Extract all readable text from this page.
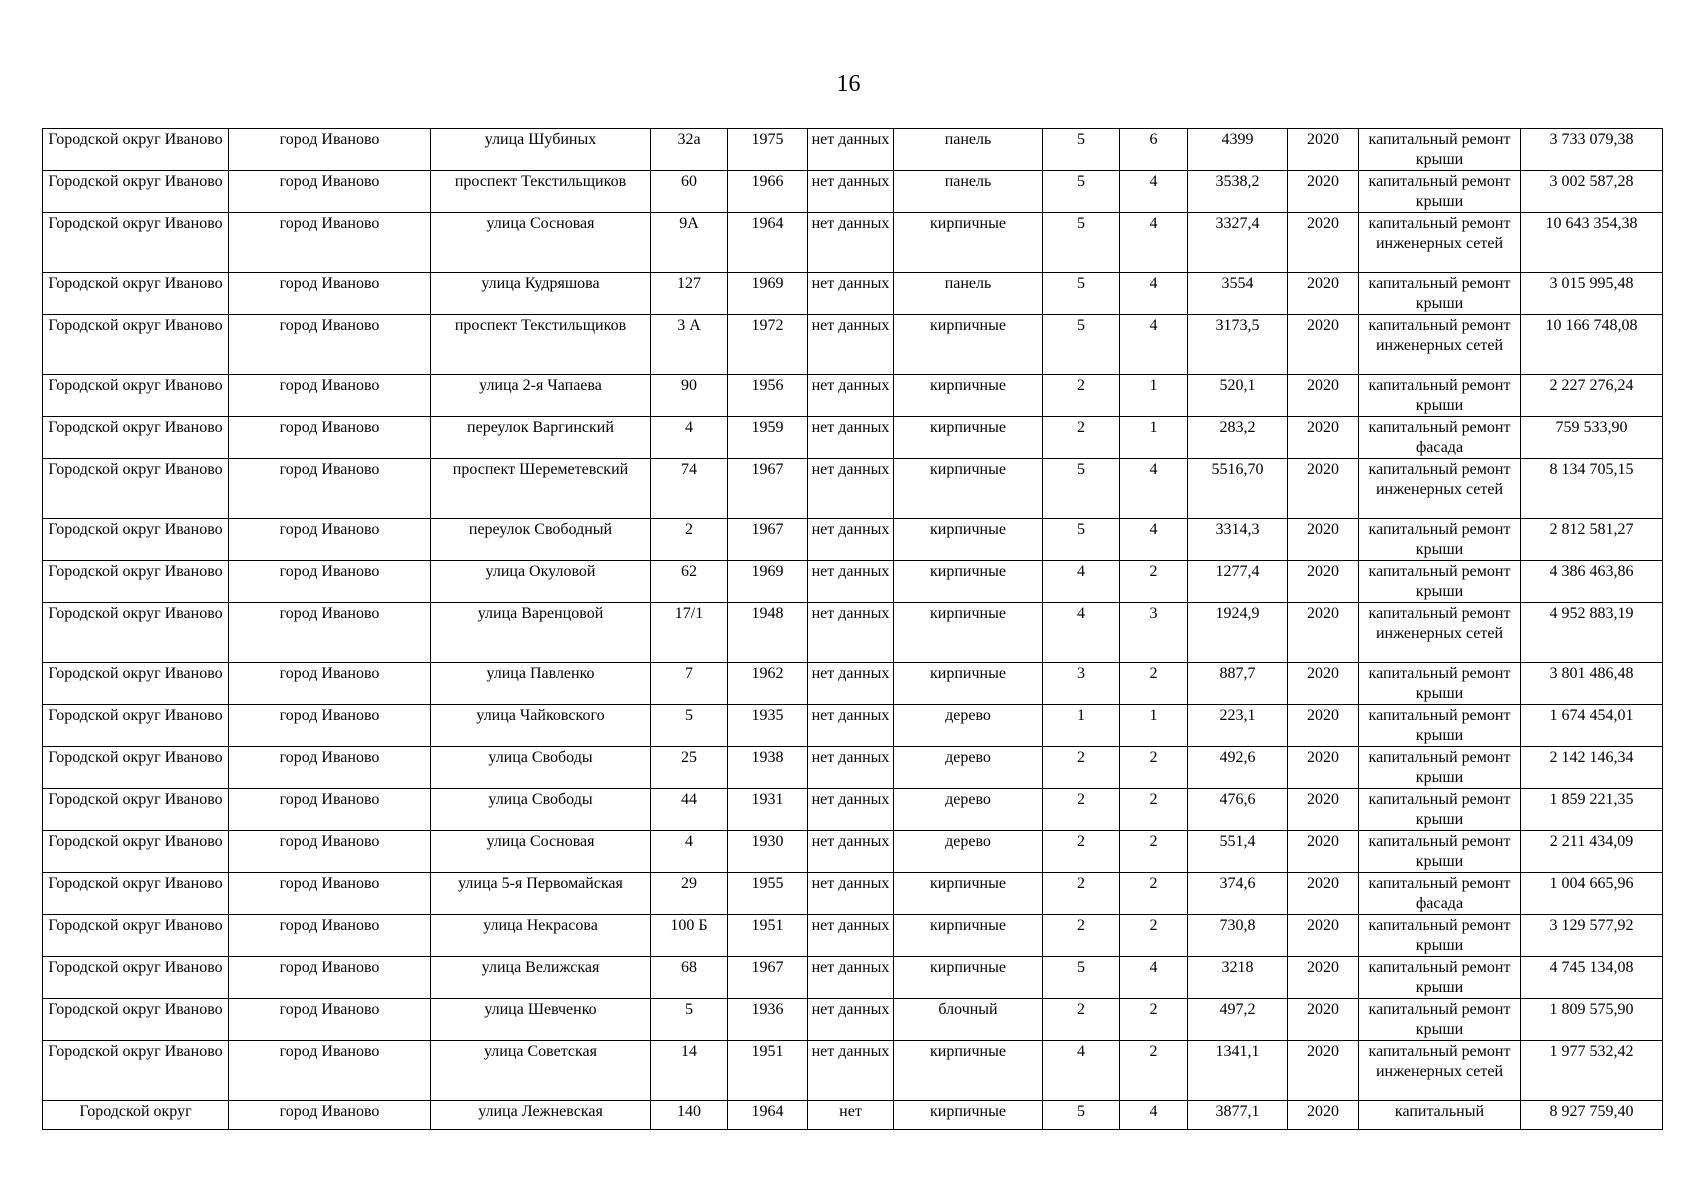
16
Городской округ Иваново	город Иваново	улица Шубиных	32а	1975	нет данных	панель	5	6	4399	2020	капитальный ремонт крыши	3 733 079,38
Городской округ Иваново	город Иваново	проспект Текстильщиков	60	1966	нет данных	панель	5	4	3538,2	2020	капитальный ремонт крыши	3 002 587,28
Городской округ Иваново	город Иваново	улица Сосновая	9А	1964	нет данных	кирпичные	5	4	3327,4	2020	капитальный ремонт инженерных сетей	10 643 354,38
Городской округ Иваново	город Иваново	улица Кудряшова	127	1969	нет данных	панель	5	4	3554	2020	капитальный ремонт крыши	3 015 995,48
Городской округ Иваново	город Иваново	проспект Текстильщиков	3 А	1972	нет данных	кирпичные	5	4	3173,5	2020	капитальный ремонт инженерных сетей	10 166 748,08
Городской округ Иваново	город Иваново	улица 2-я Чапаева	90	1956	нет данных	кирпичные	2	1	520,1	2020	капитальный ремонт крыши	2 227 276,24
Городской округ Иваново	город Иваново	переулок Варгинский	4	1959	нет данных	кирпичные	2	1	283,2	2020	капитальный ремонт фасада	759 533,90
Городской округ Иваново	город Иваново	проспект Шереметевский	74	1967	нет данных	кирпичные	5	4	5516,70	2020	капитальный ремонт инженерных сетей	8 134 705,15
Городской округ Иваново	город Иваново	переулок Свободный	2	1967	нет данных	кирпичные	5	4	3314,3	2020	капитальный ремонт крыши	2 812 581,27
Городской округ Иваново	город Иваново	улица Окуловой	62	1969	нет данных	кирпичные	4	2	1277,4	2020	капитальный ремонт крыши	4 386 463,86
Городской округ Иваново	город Иваново	улица Варенцовой	17/1	1948	нет данных	кирпичные	4	3	1924,9	2020	капитальный ремонт инженерных сетей	4 952 883,19
Городской округ Иваново	город Иваново	улица Павленко	7	1962	нет данных	кирпичные	3	2	887,7	2020	капитальный ремонт крыши	3 801 486,48
Городской округ Иваново	город Иваново	улица Чайковского	5	1935	нет данных	дерево	1	1	223,1	2020	капитальный ремонт крыши	1 674 454,01
Городской округ Иваново	город Иваново	улица Свободы	25	1938	нет данных	дерево	2	2	492,6	2020	капитальный ремонт крыши	2 142 146,34
Городской округ Иваново	город Иваново	улица Свободы	44	1931	нет данных	дерево	2	2	476,6	2020	капитальный ремонт крыши	1 859 221,35
Городской округ Иваново	город Иваново	улица Сосновая	4	1930	нет данных	дерево	2	2	551,4	2020	капитальный ремонт крыши	2 211 434,09
Городской округ Иваново	город Иваново	улица 5-я Первомайская	29	1955	нет данных	кирпичные	2	2	374,6	2020	капитальный ремонт фасада	1 004 665,96
Городской округ Иваново	город Иваново	улица Некрасова	100 Б	1951	нет данных	кирпичные	2	2	730,8	2020	капитальный ремонт крыши	3 129 577,92
Городской округ Иваново	город Иваново	улица Велижская	68	1967	нет данных	кирпичные	5	4	3218	2020	капитальный ремонт крыши	4 745 134,08
Городской округ Иваново	город Иваново	улица Шевченко	5	1936	нет данных	блочный	2	2	497,2	2020	капитальный ремонт крыши	1 809 575,90
Городской округ Иваново	город Иваново	улица Советская	14	1951	нет данных	кирпичные	4	2	1341,1	2020	капитальный ремонт инженерных сетей	1 977 532,42
Городской округ	город Иваново	улица Лежневская	140	1964	нет	кирпичные	5	4	3877,1	2020	капитальный	8 927 759,40
